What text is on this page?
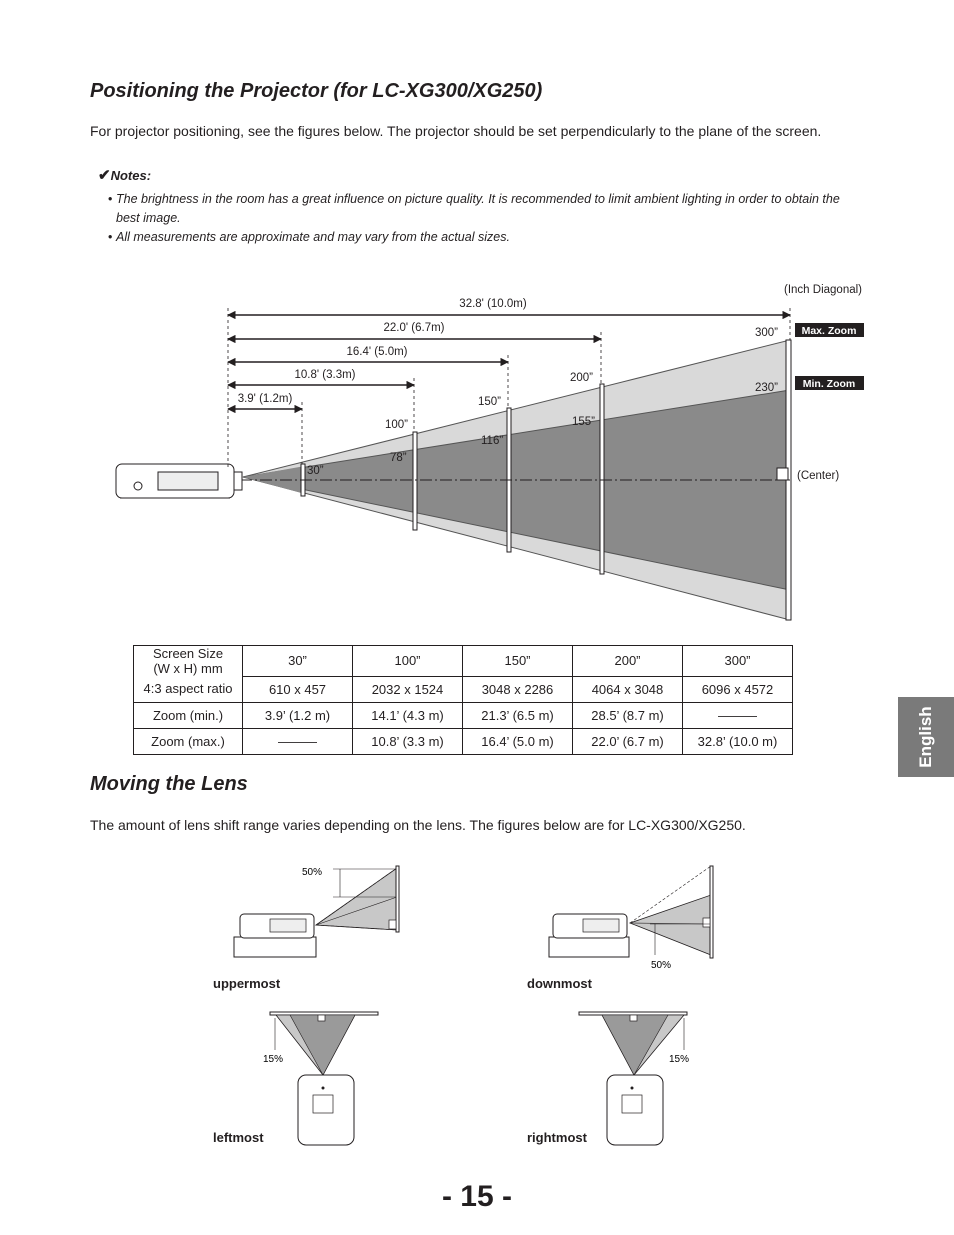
Positioning the Projector (for LC-XG300/XG250)

For projector positioning, see the figures below. The projector should be set perpendicularly to the plane of the screen.

✔Notes:
• The brightness in the room has a great influence on picture quality. It is recommended to limit ambient lighting in order to obtain the best image.
• All measurements are approximate and may vary from the actual sizes.
32.8' (10.0m)
22.0' (6.7m)
16.4' (5.0m)
10.8' (3.3m)
3.9' (1.2m)
(Inch Diagonal)
300”
200”
150”
100”
230”
155”
116”
78”
30”	(Center)
Max. Zoom
Min. Zoom
Screen Size
(W x H) mm	30”	100”	150”	200”	300”
4:3 aspect ratio	610 x 457	2032 x 1524	3048 x 2286	4064 x 3048	6096 x 4572
Zoom (min.)	3.9’ (1.2 m)	14.1’ (4.3 m)	21.3’ (6.5 m)	28.5’ (8.7 m)	———
Zoom (max.)	———	10.8’ (3.3 m)	16.4’ (5.0 m)	22.0’ (6.7 m)	32.8’ (10.0 m)	English
Moving the Lens

The amount of lens shift range varies depending on the lens. The figures below are for LC-XG300/XG250.

50%
50%
15%	15%
uppermost	downmost
leftmost	rightmost
- 15 -
